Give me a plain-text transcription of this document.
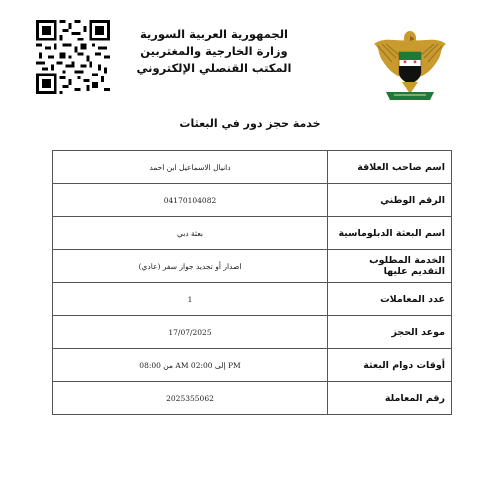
الجمهورية العربية السورية
وزارة الخارجية والمغتربين
المكتب القنصلي الإلكتروني
خدمة حجز دور في البعثات
دانيال الاسماعيل ابن احمد	اسم صاحب العلاقة
04170104082	الرقم الوطني
بعثة دبي	اسم البعثة الدبلوماسية
اصدار أو تجديد جواز سفر (عادي)	الخدمة المطلوب التقديم عليها
1	عدد المعاملات
17/07/2025	موعد الحجز
من 08:00 AM إلى 02:00 PM	أوقات دوام البعثة
2025355062	رقم المعاملة
